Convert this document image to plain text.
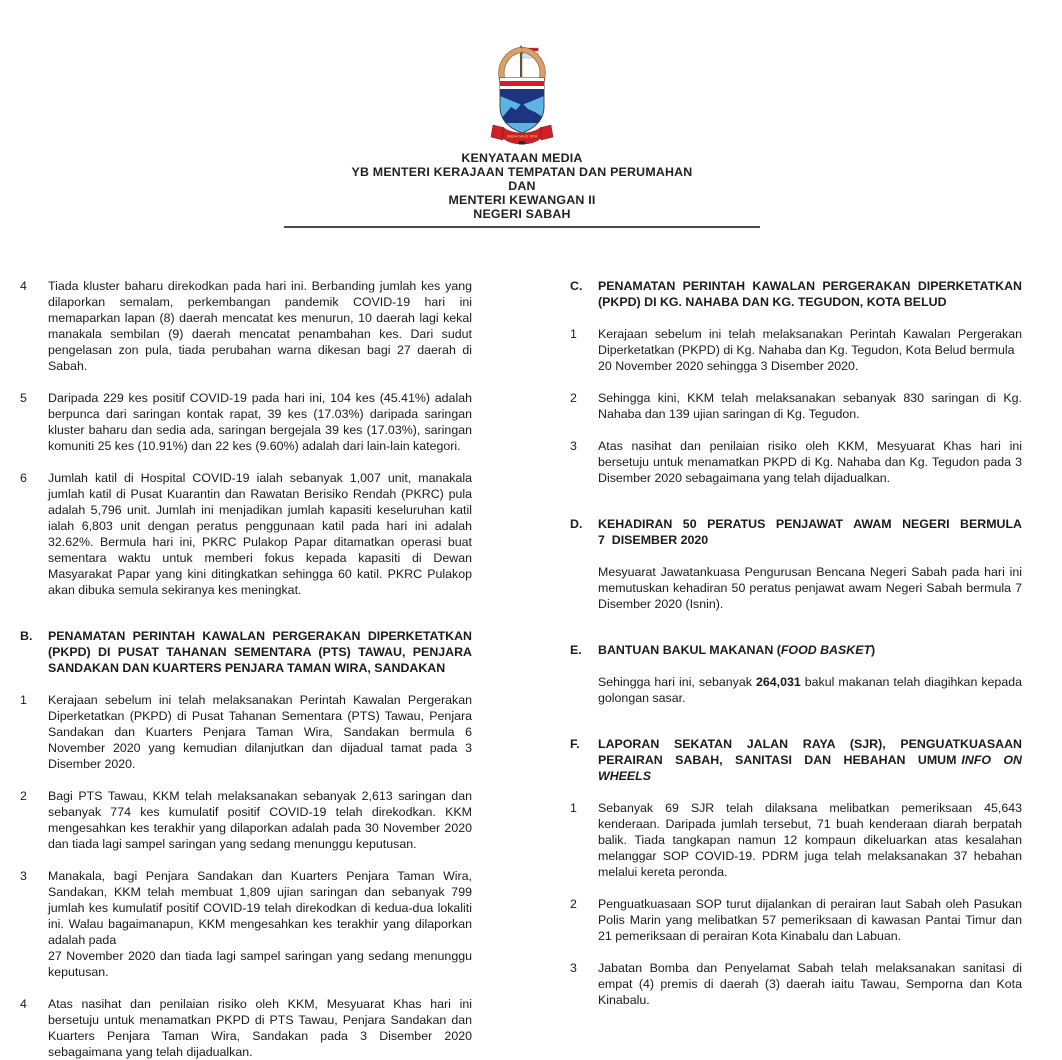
SABAH MAJU JAYA
KENYATAAN MEDIA
YB MENTERI KERAJAAN TEMPATAN DAN PERUMAHAN
DAN
MENTERI KEWANGAN II
NEGERI SABAH
4	Tiada kluster baharu direkodkan pada hari ini. Berbanding jumlah kes yang dilaporkan semalam, perkembangan pandemik COVID-19 hari ini memaparkan lapan (8) daerah mencatat kes menurun, 10 daerah lagi kekal manakala sembilan (9) daerah mencatat penambahan kes. Dari sudut pengelasan zon pula, tiada perubahan warna dikesan bagi 27 daerah di Sabah.

5	Daripada 229 kes positif COVID-19 pada hari ini, 104 kes (45.41%) adalah berpunca dari saringan kontak rapat, 39 kes (17.03%) daripada saringan kluster baharu dan sedia ada, saringan bergejala 39 kes (17.03%), saringan komuniti 25 kes (10.91%) dan 22 kes (9.60%) adalah dari lain-lain kategori.

6	Jumlah katil di Hospital COVID-19 ialah sebanyak 1,007 unit, manakala jumlah katil di Pusat Kuarantin dan Rawatan Berisiko Rendah (PKRC) pula adalah 5,796 unit. Jumlah ini menjadikan jumlah kapasiti keseluruhan katil ialah 6,803 unit dengan peratus penggunaan katil pada hari ini adalah 32.62%. Bermula hari ini, PKRC Pulakop Papar ditamatkan operasi buat sementara waktu untuk memberi fokus kepada kapasiti di Dewan Masyarakat Papar yang kini ditingkatkan sehingga 60 katil. PKRC Pulakop akan dibuka semula sekiranya kes meningkat.

B.	PENAMATAN PERINTAH KAWALAN PERGERAKAN DIPERKETATKAN (PKPD) DI PUSAT TAHANAN SEMENTARA (PTS) TAWAU, PENJARA SANDAKAN DAN KUARTERS PENJARA TAMAN WIRA, SANDAKAN

1	Kerajaan sebelum ini telah melaksanakan Perintah Kawalan Pergerakan Diperketatkan (PKPD) di Pusat Tahanan Sementara (PTS) Tawau, Penjara Sandakan dan Kuarters Penjara Taman Wira, Sandakan bermula 6 November 2020 yang kemudian dilanjutkan dan dijadual tamat pada 3 Disember 2020.

2	Bagi PTS Tawau, KKM telah melaksanakan sebanyak 2,613 saringan dan sebanyak 774 kes kumulatif positif COVID-19 telah direkodkan. KKM mengesahkan kes terakhir yang dilaporkan adalah pada 30 November 2020 dan tiada lagi sampel saringan yang sedang menunggu keputusan.

3	Manakala, bagi Penjara Sandakan dan Kuarters Penjara Taman Wira, Sandakan, KKM telah membuat 1,809 ujian saringan dan sebanyak 799 jumlah kes kumulatif positif COVID-19 telah direkodkan di kedua-dua lokaliti ini. Walau bagaimanapun, KKM mengesahkan kes terakhir yang dilaporkan adalah pada

27 November 2020 dan tiada lagi sampel saringan yang sedang menunggu keputusan.

4	Atas nasihat dan penilaian risiko oleh KKM, Mesyuarat Khas hari ini bersetuju untuk menamatkan PKPD di PTS Tawau, Penjara Sandakan dan Kuarters Penjara Taman Wira, Sandakan pada 3 Disember 2020 sebagaimana yang telah dijadualkan.

C.	PENAMATAN PERINTAH KAWALAN PERGERAKAN DIPERKETATKAN (PKPD) DI KG. NAHABA DAN KG. TEGUDON, KOTA BELUD

1	Kerajaan sebelum ini telah melaksanakan Perintah Kawalan Pergerakan Diperketatkan (PKPD) di Kg. Nahaba dan Kg. Tegudon, Kota Belud bermula

20 November 2020 sehingga 3 Disember 2020.

2	Sehingga kini, KKM telah melaksanakan sebanyak 830 saringan di Kg. Nahaba dan 139 ujian saringan di Kg. Tegudon.

3	Atas nasihat dan penilaian risiko oleh KKM, Mesyuarat Khas hari ini bersetuju untuk menamatkan PKPD di Kg. Nahaba dan Kg. Tegudon pada 3 Disember 2020 sebagaimana yang telah dijadualkan.

D.	KEHADIRAN 50 PERATUS PENJAWAT AWAM NEGERI BERMULA

7  DISEMBER 2020

Mesyuarat Jawatankuasa Pengurusan Bencana Negeri Sabah pada hari ini memutuskan kehadiran 50 peratus penjawat awam Negeri Sabah bermula 7 Disember 2020 (Isnin).

E.	BANTUAN BAKUL MAKANAN (FOOD BASKET)

Sehingga hari ini, sebanyak 264,031 bakul makanan telah diagihkan kepada golongan sasar.

F.	LAPORAN SEKATAN JALAN RAYA (SJR), PENGUATKUASAAN PERAIRAN SABAH, SANITASI DAN HEBAHAN UMUM INFO ON WHEELS

1	Sebanyak 69 SJR telah dilaksana melibatkan pemeriksaan 45,643 kenderaan. Daripada jumlah tersebut, 71 buah kenderaan diarah berpatah balik. Tiada tangkapan namun 12 kompaun dikeluarkan atas kesalahan melanggar SOP COVID-19. PDRM juga telah melaksanakan 37 hebahan melalui kereta peronda.

2	Penguatkuasaan SOP turut dijalankan di perairan laut Sabah oleh Pasukan Polis Marin yang melibatkan 57 pemeriksaan di kawasan Pantai Timur dan

21 pemeriksaan di perairan Kota Kinabalu dan Labuan.

3	Jabatan Bomba dan Penyelamat Sabah telah melaksanakan sanitasi di empat (4) premis di daerah (3) daerah iaitu Tawau, Semporna dan Kota Kinabalu.
